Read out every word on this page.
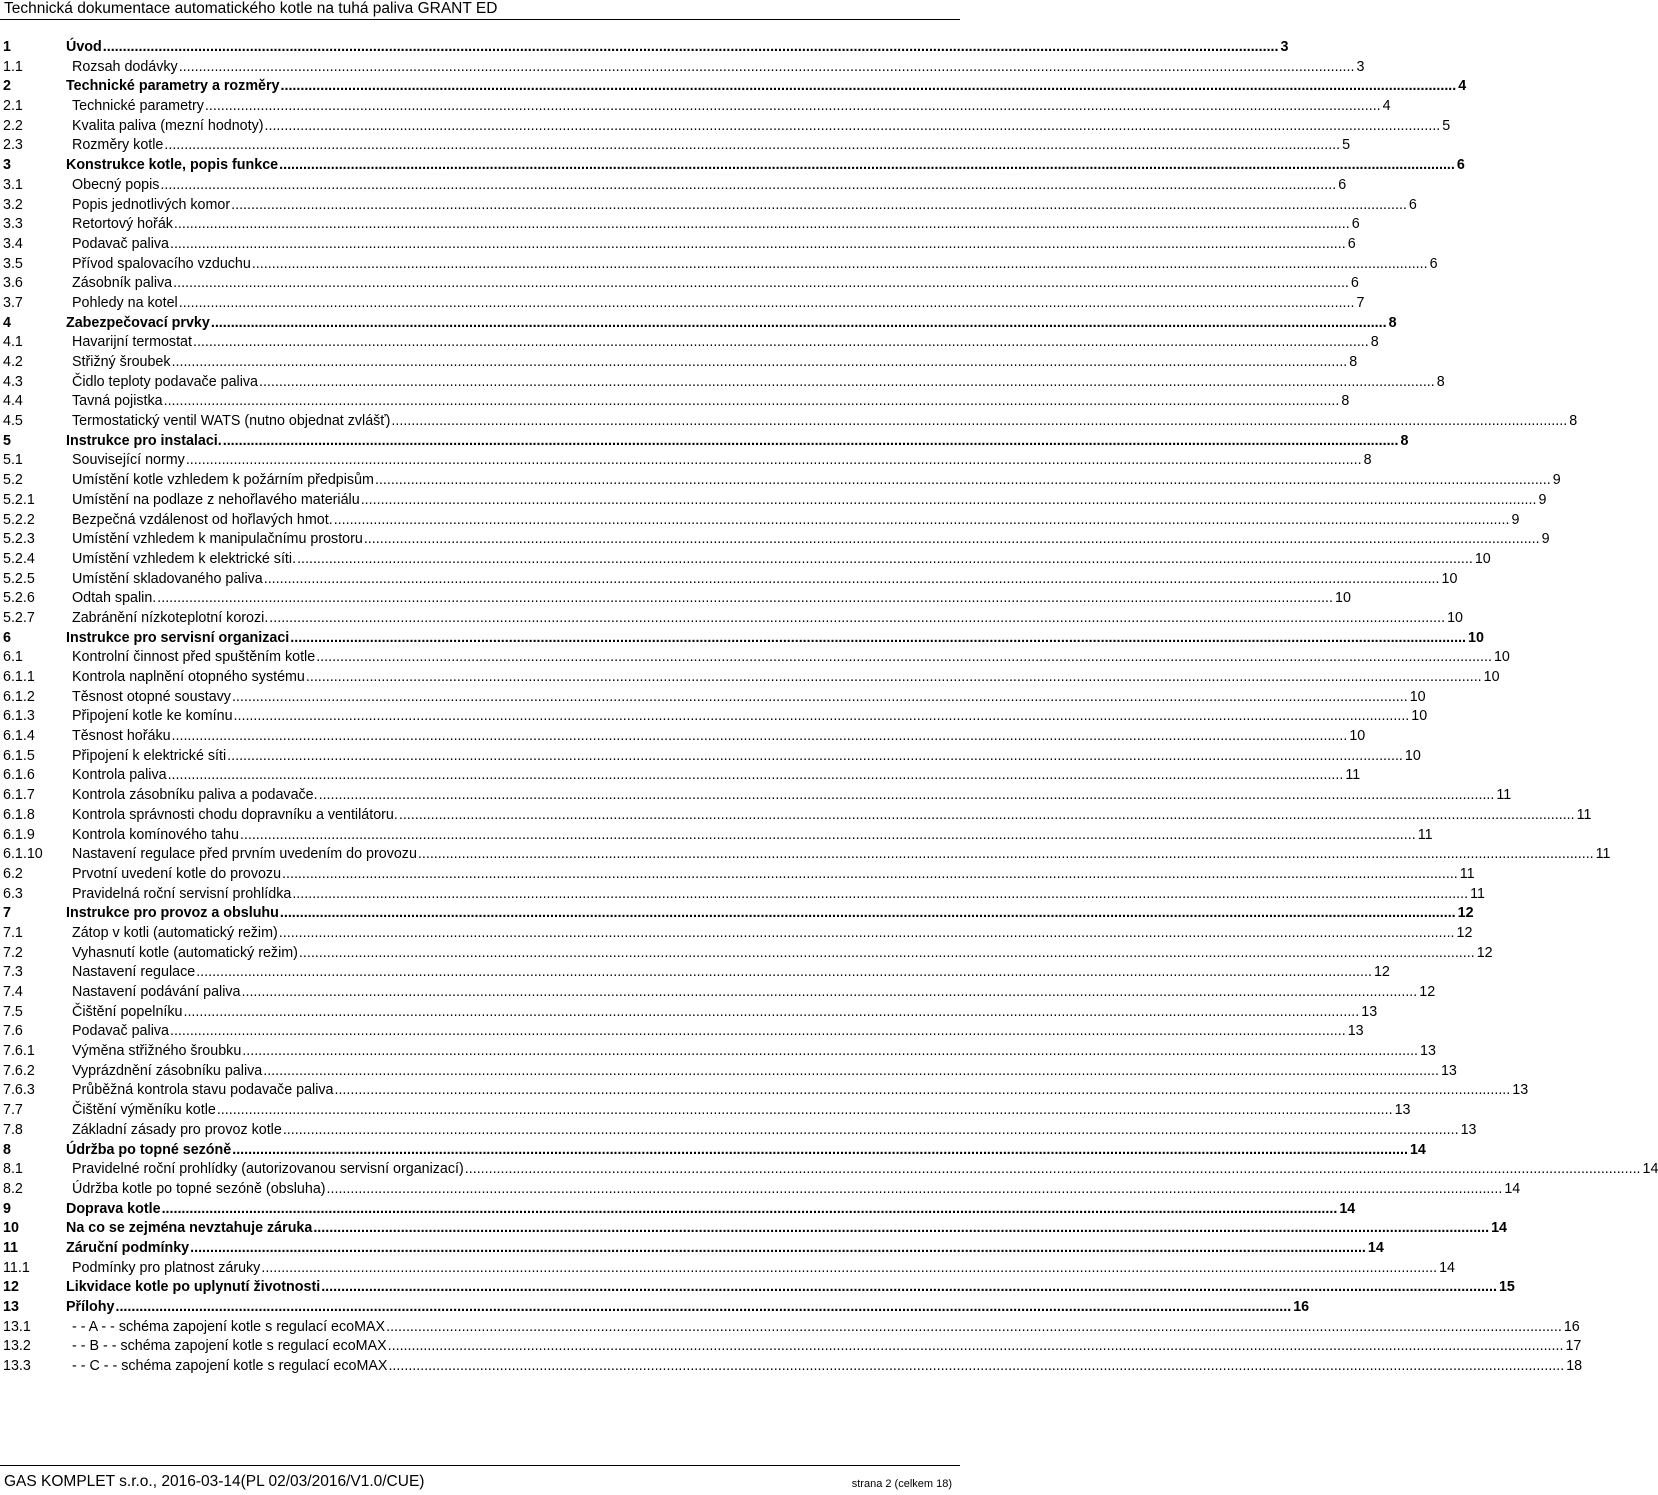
Technická dokumentace automatického kotle na tuhá paliva GRANT ED
1	Úvod .....	3
1.1	Rozsah dodávky .....	3
2	Technické parametry a rozměry .....	4
2.1	Technické parametry .....	4
2.2	Kvalita paliva (mezní hodnoty) .....	5
2.3	Rozměry kotle .....	5
3	Konstrukce kotle, popis funkce .....	6
3.1	Obecný popis .....	6
3.2	Popis jednotlivých komor .....	6
3.3	Retortový hořák .....	6
3.4	Podavač paliva .....	6
3.5	Přívod spalovacího vzduchu .....	6
3.6	Zásobník paliva .....	6
3.7	Pohledy na kotel .....	7
4	Zabezpečovací prvky .....	8
4.1	Havarijní termostat .....	8
4.2	Střižný šroubek .....	8
4.3	Čidlo teploty podavače paliva .....	8
4.4	Tavná pojistka .....	8
4.5	Termostatický ventil WATS (nutno objednat zvlášť) .....	8
5	Instrukce pro instalaci. .....	8
5.1	Související normy .....	8
5.2	Umístění kotle vzhledem k požárním předpisům .....	9
5.2.1	Umístění na podlaze z nehořlavého materiálu .....	9
5.2.2	Bezpečná vzdálenost od hořlavých hmot. .....	9
5.2.3	Umístění vzhledem k manipulačnímu prostoru .....	9
5.2.4	Umístění vzhledem k elektrické síti. .....	10
5.2.5	Umístění skladovaného paliva .....	10
5.2.6	Odtah spalin. .....	10
5.2.7	Zabránění nízkoteplotní korozi. .....	10
6	Instrukce pro servisní organizaci .....	10
6.1	Kontrolní činnost před spuštěním kotle .....	10
6.1.1	Kontrola naplnění otopného systému .....	10
6.1.2	Těsnost otopné soustavy .....	10
6.1.3	Připojení kotle ke komínu .....	10
6.1.4	Těsnost hořáku .....	10
6.1.5	Připojení k elektrické síti .....	10
6.1.6	Kontrola paliva .....	11
6.1.7	Kontrola zásobníku paliva a podavače. .....	11
6.1.8	Kontrola správnosti chodu dopravníku a ventilátoru. .....	11
6.1.9	Kontrola komínového tahu .....	11
6.1.10	Nastavení regulace před prvním uvedením do provozu .....	11
6.2	Prvotní uvedení kotle do provozu .....	11
6.3	Pravidelná roční servisní prohlídka .....	11
7	Instrukce pro provoz a obsluhu .....	12
7.1	Zátop v kotli (automatický režim) .....	12
7.2	Vyhasnutí kotle (automatický režim) .....	12
7.3	Nastavení regulace .....	12
7.4	Nastavení podávání paliva .....	12
7.5	Čištění popelníku .....	13
7.6	Podavač paliva .....	13
7.6.1	Výměna střižného šroubku .....	13
7.6.2	Vyprázdnění zásobníku paliva .....	13
7.6.3	Průběžná kontrola stavu podavače paliva .....	13
7.7	Čištění výměníku kotle .....	13
7.8	Základní zásady pro provoz kotle .....	13
8	Údržba po topné sezóně .....	14
8.1	Pravidelné roční prohlídky (autorizovanou servisní organizací) .....	14
8.2	Údržba kotle po topné sezóně (obsluha) .....	14
9	Doprava kotle .....	14
10	Na co se zejména nevztahuje záruka .....	14
11	Záruční podmínky .....	14
11.1	Podmínky pro platnost záruky .....	14
12	Likvidace kotle po uplynutí životnosti .....	15
13	Přílohy .....	16
13.1	- - A - - schéma zapojení kotle s regulací ecoMAX .....	16
13.2	- - B - - schéma zapojení kotle s regulací ecoMAX .....	17
13.3	- - C - - schéma zapojení kotle s regulací ecoMAX .....	18
GAS KOMPLET s.r.o., 2016-03-14(PL 02/03/2016/V1.0/CUE)	strana 2 (celkem 18)
